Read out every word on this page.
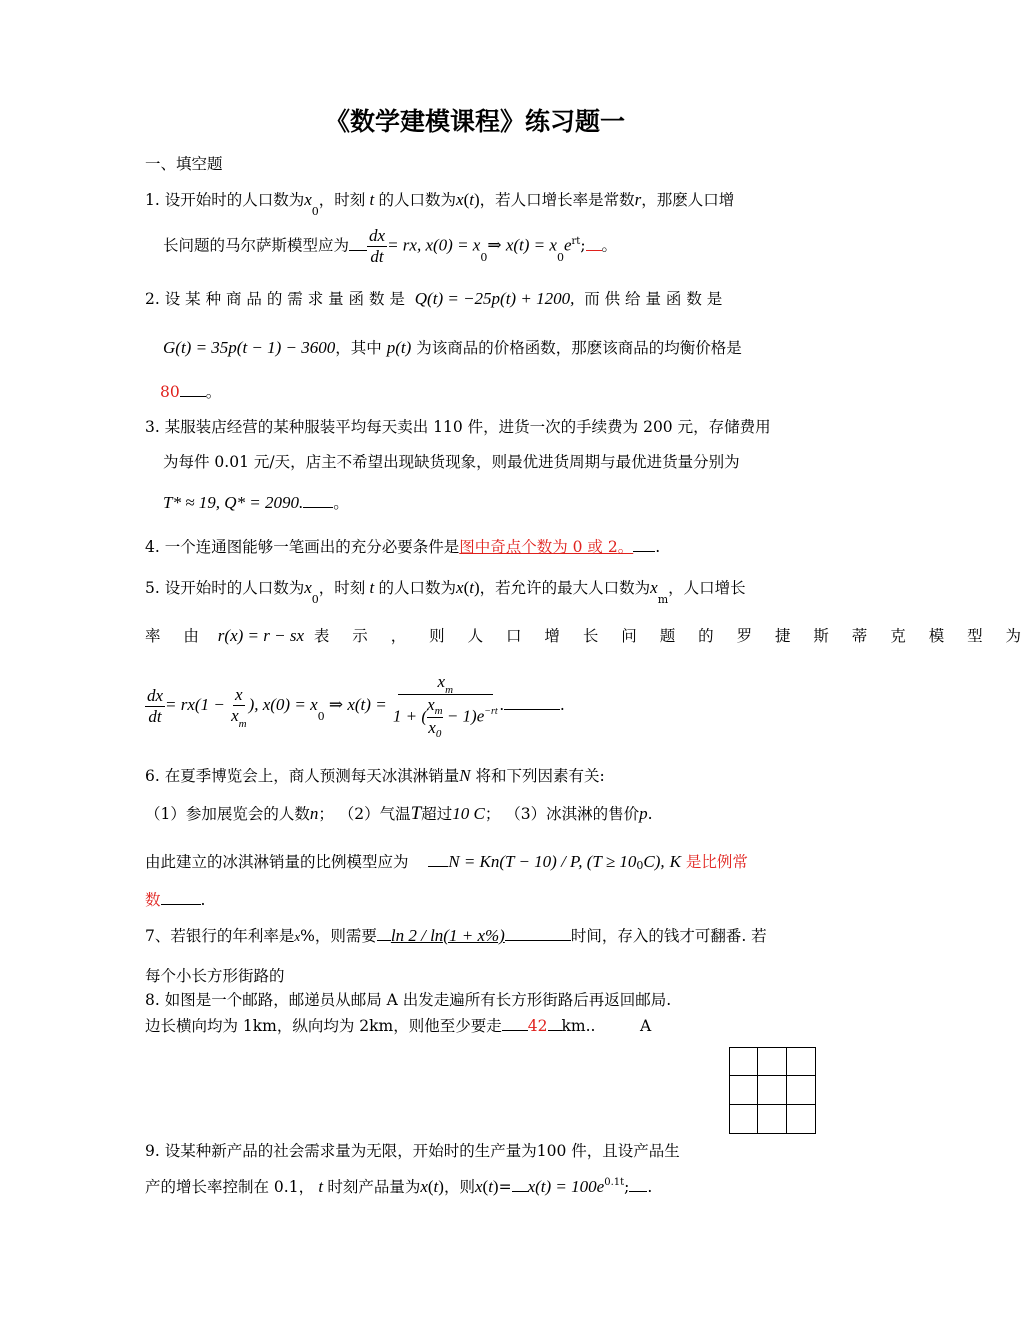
《数学建模课程》练习题一
一、填空题
1. 设开始时的人口数为$x_0$，时刻 t 的人口数为x(t)，若人口增长率是常数r，那麽人口增
长问题的马尔萨斯模型应为 $\frac{dx}{dt}$ = rx, $x(0) = x_0\Rightarrow$ $x(t) = x_0e^{rt}$; 。
2. 设 某 种 商 品 的 需 求 量 函 数 是 Q(t) = −25p(t) + 1200, 而 供 给 量 函 数 是
G(t) = 35p(t − 1) − 3600，其中 p(t) 为该商品的价格函数，那麽该商品的均衡价格是
80 。
3. 某服装店经营的某种服装平均每天卖出 110 件，进货一次的手续费为 200 元，存储费用
为每件 0.01 元/天，店主不希望出现缺货现象，则最优进货周期与最优进货量分别为
T* ≈ 19, Q* = 2090. 。
4. 一个连通图能够一笔画出的充分必要条件是图中奇点个数为 0 或 2。 .
5. 设开始时的人口数为$x_0$，时刻 t 的人口数为x(t)，若允许的最大人口数为$x_m$，人口增长
率 由 r(x) = r − sx 表 示 ， 则 人 口 增 长 问 题 的 罗 捷 斯 蒂 克 模 型 为
$\frac{dx}{dt} = rx(1 - \frac{x}{x_m}$ ), $x(0) = x_0$ ⇒ $x(t) = \frac{x_m}{1 + ( \frac{x_m}{x_0} - 1)e^{-rt}}$ .	.
6. 在夏季博览会上，商人预测每天冰淇淋销量N 将和下列因素有关:
（1）参加展览会的人数n； （2）气温T超过10 C； （3）冰淇淋的售价p.
由此建立的冰淇淋销量的比例模型应为 N = Kn(T − 10) / P, (T ≥ 100C), K 是比例常
数	.
7、若银行的年利率是x%，则需要 ln 2 / ln(1 + x%)	时间，存入的钱才可翻番. 若
每个小长方形街路的
8. 如图是一个邮路，邮递员从邮局 A 出发走遍所有长方形街路后再返回邮局.
边长横向均为 1km，纵向均为 2km，则他至少要走 42 km..	A
9. 设某种新产品的社会需求量为无限，开始时的生产量为100 件，且设产品生
产的增长率控制在 0.1， t 时刻产品量为x(t)，则$x(t)= x(t) = 100e^{0.1t}$; .
